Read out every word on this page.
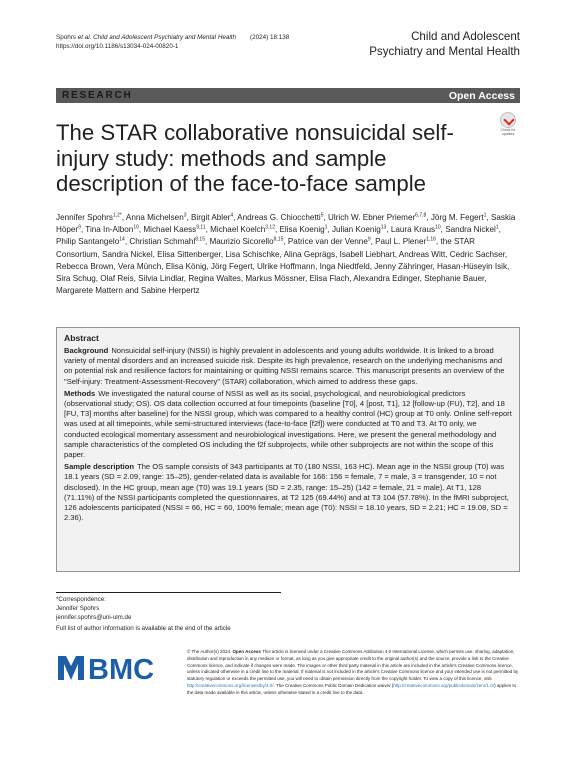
Spohrs et al. Child and Adolescent Psychiatry and Mental Health (2024) 18:138
https://doi.org/10.1186/s13034-024-00820-1
Child and Adolescent
Psychiatry and Mental Health
RESEARCH	Open Access
Check for
updates
The STAR collaborative nonsuicidal self-injury study: methods and sample description of the face-to-face sample
Jennifer Spohrs$^{1,2*}$, Anna Michelsen$^3$, Birgit Abler$^4$, Andreas G. Chiocchetti$^5$, Ulrich W. Ebner Priemer$^{6,7,8}$, Jörg M. Fegert$^1$, Saskia Höper$^9$, Tina In-Albon$^{10}$, Michael Kaess$^{9,11}$, Michael Koelch$^{3,12}$, Elisa Koenig$^1$, Julian Koenig$^{13}$, Laura Kraus$^{10}$, Sandra Nickel$^1$, Philip Santangelo$^{14}$, Christian Schmahl$^{8,15}$, Maurizio Sicorello$^{8,15}$, Patrice van der Venne$^9$, Paul L. Plener$^{1,16}$, the STAR Consortium, Sandra Nickel, Elisa Sittenberger, Lisa Schischke, Alina Geprägs, Isabell Liebhart, Andreas Witt, Cedric Sachser, Rebecca Brown, Vera Münch, Elisa König, Jörg Fegert, Ulrike Hoffmann, Inga Niedtfeld, Jenny Zähringer, Hasan-Hüseyin Isik, Sira Schug, Olaf Reis, Silvia Lindlar, Regina Waltes, Markus Mössner, Elisa Flach, Alexandra Edinger, Stephanie Bauer, Margarete Mattern and Sabine Herpertz
Abstract

Background Nonsuicidal self-injury (NSSI) is highly prevalent in adolescents and young adults worldwide. It is linked to a broad variety of mental disorders and an increased suicide risk. Despite its high prevalence, research on the underlying mechanisms and on potential risk and resilience factors for maintaining or quitting NSSI remains scarce. This manuscript presents an overview of the "Self-injury: Treatment-Assessment-Recovery" (STAR) collaboration, which aimed to address these gaps.

Methods We investigated the natural course of NSSI as well as its social, psychological, and neurobiological predictors (observational study; OS). OS data collection occurred at four timepoints (baseline [T0], 4 [post, T1], 12 [follow-up (FU), T2], and 18 [FU, T3] months after baseline) for the NSSI group, which was compared to a healthy control (HC) group at T0 only. Online self-report was used at all timepoints, while semi-structured interviews (face-to-face [f2f]) were conducted at T0 and T3. At T0 only, we conducted ecological momentary assessment and neurobiological investigations. Here, we present the general methodology and sample characteristics of the completed OS including the f2f subprojects, while other subprojects are not within the scope of this paper.

Sample description The OS sample consists of 343 participants at T0 (180 NSSI, 163 HC). Mean age in the NSSI group (T0) was 18.1 years (SD = 2.09, range: 15–25), gender-related data is available for 166: 156 = female, 7 = male, 3 = transgender, 10 = not disclosed). In the HC group, mean age (T0) was 19.1 years (SD = 2.35, range: 15–25) (142 = female, 21 = male). At T1, 128 (71.11%) of the NSSI participants completed the questionnaires, at T2 125 (69.44%) and at T3 104 (57.78%). In the fMRI subproject, 126 adolescents participated (NSSI = 66, HC = 60, 100% female; mean age (T0): NSSI = 18.10 years, SD = 2.21; HC = 19.08, SD = 2.36).

*Correspondence:
Jennifer Spohrs
jennifer.spohrs@uni-ulm.de
Full list of author information is available at the end of the article
BMC
© The Author(s) 2024. Open Access This article is licensed under a Creative Commons Attribution 4.0 International License, which permits use, sharing, adaptation, distribution and reproduction in any medium or format, as long as you give appropriate credit to the original author(s) and the source, provide a link to the Creative Commons licence, and indicate if changes were made. The images or other third party material in this article are included in the article's Creative Commons licence, unless indicated otherwise in a credit line to the material. If material is not included in the article's Creative Commons licence and your intended use is not permitted by statutory regulation or exceeds the permitted use, you will need to obtain permission directly from the copyright holder. To view a copy of this licence, visit http://creativecommons.org/licenses/by/4.0/. The Creative Commons Public Domain Dedication waiver (http://creativecommons.org/publicdomain/zero/1.0/) applies to the data made available in this article, unless otherwise stated in a credit line to the data.
